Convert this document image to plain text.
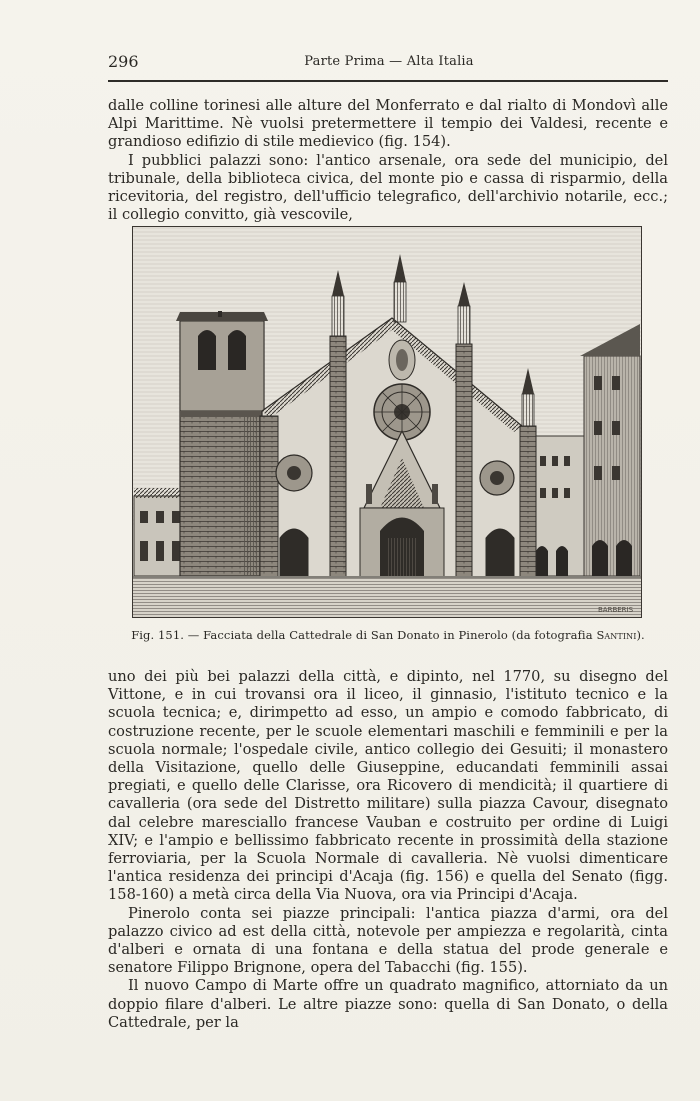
296	Parte Prima — Alta Italia

dalle colline torinesi alle alture del Monferrato e dal rialto di Mondovì alle Alpi Marittime. Nè vuolsi pretermettere il tempio dei Valdesi, recente e grandioso edifizio di stile medievico (fig. 154).

I pubblici palazzi sono: l'antico arsenale, ora sede del municipio, del tribunale, della biblioteca civica, del monte pio e cassa di risparmio, della ricevitoria, del registro, dell'ufficio telegrafico, dell'archivio notarile, ecc.; il collegio convitto, già vescovile,

BARBERIS
Fig. 151. — Facciata della Cattedrale di San Donato in Pinerolo (da fotografia Santini).

uno dei più bei palazzi della città, e dipinto, nel 1770, su disegno del Vittone, e in cui trovansi ora il liceo, il ginnasio, l'istituto tecnico e la scuola tecnica; e, dirimpetto ad esso, un ampio e comodo fabbricato, di costruzione recente, per le scuole elementari maschili e femminili e per la scuola normale; l'ospedale civile, antico collegio dei Gesuiti; il monastero della Visitazione, quello delle Giuseppine, educandati femminili assai pregiati, e quello delle Clarisse, ora Ricovero di mendicità; il quartiere di cavalleria (ora sede del Distretto militare) sulla piazza Cavour, disegnato dal celebre maresciallo francese Vauban e costruito per ordine di Luigi XIV; e l'ampio e bellissimo fabbricato recente in prossimità della stazione ferroviaria, per la Scuola Normale di cavalleria. Nè vuolsi dimenticare l'antica residenza dei principi d'Acaja (fig. 156) e quella del Senato (figg. 158-160) a metà circa della Via Nuova, ora via Principi d'Acaja.

Pinerolo conta sei piazze principali: l'antica piazza d'armi, ora del palazzo civico ad est della città, notevole per ampiezza e regolarità, cinta d'alberi e ornata di una fontana e della statua del prode generale e senatore Filippo Brignone, opera del Tabacchi (fig. 155).

Il nuovo Campo di Marte offre un quadrato magnifico, attorniato da un doppio filare d'alberi. Le altre piazze sono: quella di San Donato, o della Cattedrale, per la
